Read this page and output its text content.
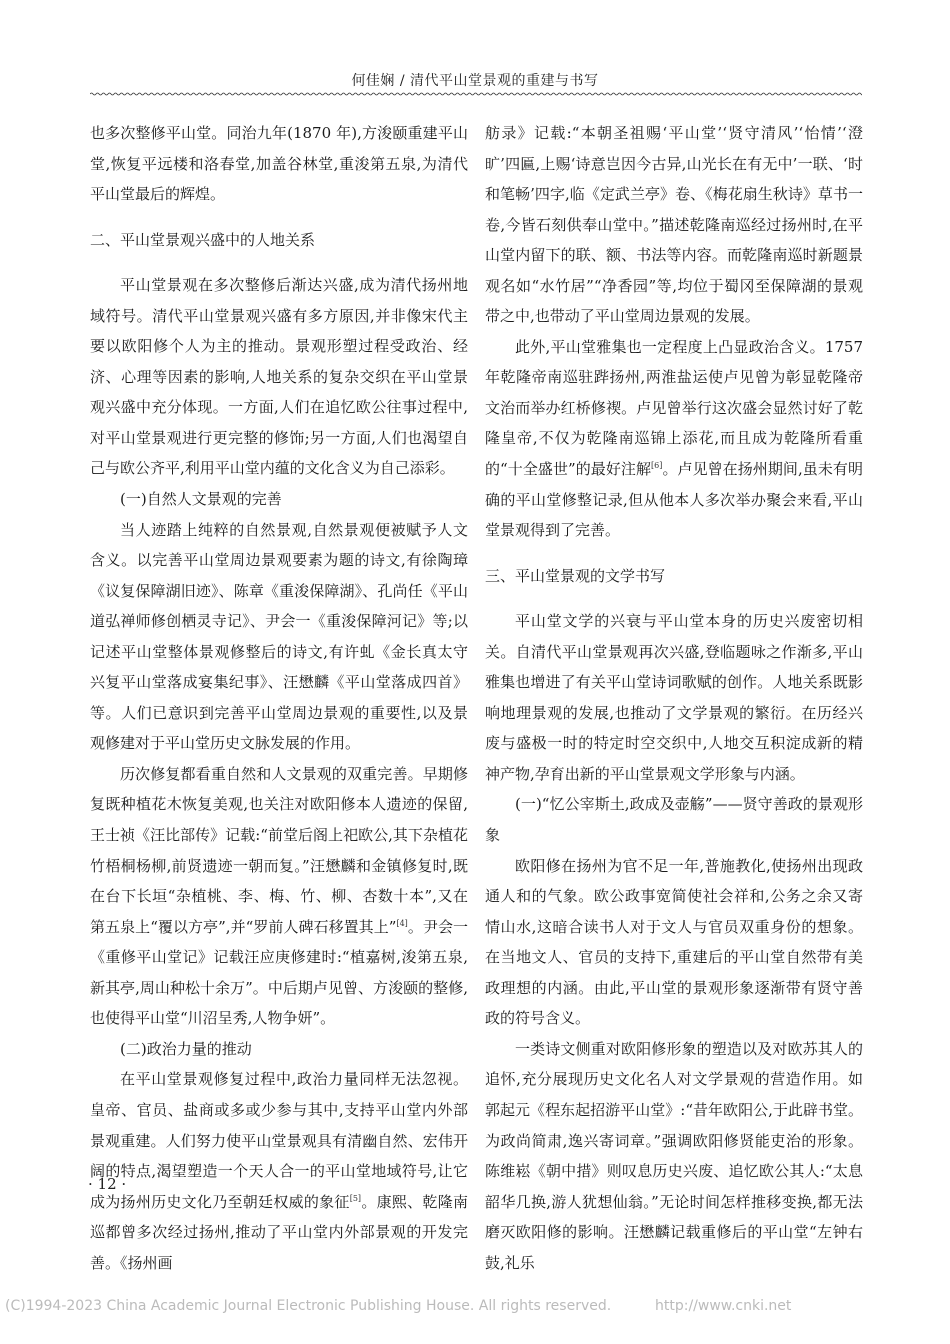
何佳娴 / 清代平山堂景观的重建与书写

也多次整修平山堂。同治九年(1870 年),方浚颐重建平山堂,恢复平远楼和洛春堂,加盖谷林堂,重浚第五泉,为清代平山堂最后的辉煌。

二、平山堂景观兴盛中的人地关系

平山堂景观在多次整修后渐达兴盛,成为清代扬州地域符号。清代平山堂景观兴盛有多方原因,并非像宋代主要以欧阳修个人为主的推动。景观形塑过程受政治、经济、心理等因素的影响,人地关系的复杂交织在平山堂景观兴盛中充分体现。一方面,人们在追忆欧公往事过程中,对平山堂景观进行更完整的修饰;另一方面,人们也渴望自己与欧公齐平,利用平山堂内蕴的文化含义为自己添彩。

(一)自然人文景观的完善

当人迹踏上纯粹的自然景观,自然景观便被赋予人文含义。以完善平山堂周边景观要素为题的诗文,有徐陶璋《议复保障湖旧迹》、陈章《重浚保障湖》、孔尚任《平山道弘禅师修创栖灵寺记》、尹会一《重浚保障河记》等;以记述平山堂整体景观修整后的诗文,有许虬《金长真太守兴复平山堂落成宴集纪事》、汪懋麟《平山堂落成四首》等。人们已意识到完善平山堂周边景观的重要性,以及景观修建对于平山堂历史文脉发展的作用。

历次修复都看重自然和人文景观的双重完善。早期修复既种植花木恢复美观,也关注对欧阳修本人遗迹的保留,王士祯《汪比部传》记载:“前堂后阁上祀欧公,其下杂植花竹梧桐杨柳,前贤遗迹一朝而复。”汪懋麟和金镇修复时,既在台下长垣“杂植桃、李、梅、竹、柳、杏数十本”,又在第五泉上“覆以方亭”,并“罗前人碑石移置其上”[4]。尹会一《重修平山堂记》记载汪应庚修建时:“植嘉树,浚第五泉,新其亭,周山种松十余万”。中后期卢见曾、方浚颐的整修,也使得平山堂“川沼呈秀,人物争妍”。

(二)政治力量的推动

在平山堂景观修复过程中,政治力量同样无法忽视。皇帝、官员、盐商或多或少参与其中,支持平山堂内外部景观重建。人们努力使平山堂景观具有清幽自然、宏伟开阔的特点,渴望塑造一个天人合一的平山堂地域符号,让它成为扬州历史文化乃至朝廷权威的象征[5]。康熙、乾隆南巡都曾多次经过扬州,推动了平山堂内外部景观的开发完善。《扬州画

舫录》记载:“本朝圣祖赐‘平山堂’‘贤守清风’‘怡情’‘澄旷’四匾,上赐‘诗意岂因今古异,山光长在有无中’一联、‘时和笔畅’四字,临《定武兰亭》卷、《梅花扇生秋诗》草书一卷,今皆石刻供奉山堂中。”描述乾隆南巡经过扬州时,在平山堂内留下的联、额、书法等内容。而乾隆南巡时新题景观名如“水竹居”“净香园”等,均位于蜀冈至保障湖的景观带之中,也带动了平山堂周边景观的发展。

此外,平山堂雅集也一定程度上凸显政治含义。1757 年乾隆帝南巡驻跸扬州,两淮盐运使卢见曾为彰显乾隆帝文治而举办红桥修禊。卢见曾举行这次盛会显然讨好了乾隆皇帝,不仅为乾隆南巡锦上添花,而且成为乾隆所看重的“十全盛世”的最好注解[6]。卢见曾在扬州期间,虽未有明确的平山堂修整记录,但从他本人多次举办聚会来看,平山堂景观得到了完善。

三、平山堂景观的文学书写

平山堂文学的兴衰与平山堂本身的历史兴废密切相关。自清代平山堂景观再次兴盛,登临题咏之作渐多,平山雅集也增进了有关平山堂诗词歌赋的创作。人地关系既影响地理景观的发展,也推动了文学景观的繁衍。在历经兴废与盛极一时的特定时空交织中,人地交互积淀成新的精神产物,孕育出新的平山堂景观文学形象与内涵。

(一)“忆公宰斯土,政成及壶觞”——贤守善政的景观形象

欧阳修在扬州为官不足一年,普施教化,使扬州出现政通人和的气象。欧公政事宽简使社会祥和,公务之余又寄情山水,这暗合读书人对于文人与官员双重身份的想象。在当地文人、官员的支持下,重建后的平山堂自然带有美政理想的内涵。由此,平山堂的景观形象逐渐带有贤守善政的符号含义。

一类诗文侧重对欧阳修形象的塑造以及对欧苏其人的追怀,充分展现历史文化名人对文学景观的营造作用。如郭起元《程东起招游平山堂》:“昔年欧阳公,于此辟书堂。为政尚简肃,逸兴寄词章。”强调欧阳修贤能吏治的形象。陈维崧《朝中措》则叹息历史兴废、追忆欧公其人:“太息韶华几换,游人犹想仙翁。”无论时间怎样推移变换,都无法磨灭欧阳修的影响。汪懋麟记载重修后的平山堂“左钟右鼓,礼乐

· 12 ·
(C)1994-2023 China Academic Journal Electronic Publishing House. All rights reserved.	http://www.cnki.net
